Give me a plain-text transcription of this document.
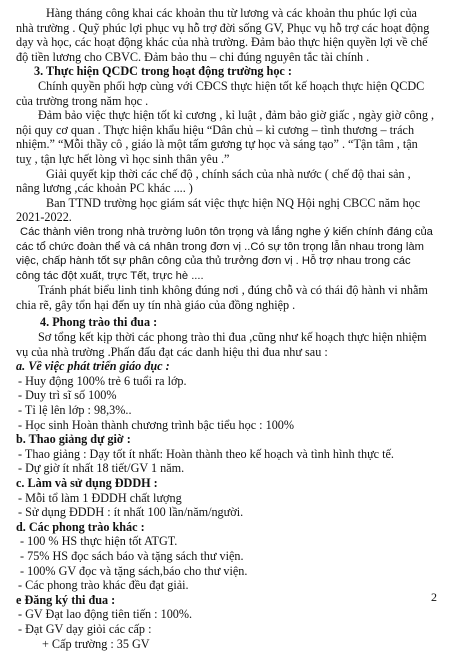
Hàng tháng công khai các khoản thu từ lương và các khoản thu phúc lợi của nhà trường . Quỹ phúc lợi phục vụ hỗ trợ đời sống GV, Phục vụ hỗ trợ các hoạt động dạy và học, các hoạt động khác của nhà trường. Đảm bảo thực hiện quyền lợi về chế độ tiền lương cho CBVC. Đảm bảo thu – chi đúng nguyên tắc tài chính .

3. Thực hiện QCDC trong hoạt động trường học :

Chính quyền phối hợp cùng với CĐCS thực hiện tốt kế hoạch thực hiện QCDC của trường trong năm học .

Đảm bảo việc thực hiện tốt kỉ cương , kỉ luật , đảm bảo giờ giấc , ngày giờ công , nội quy cơ quan . Thực hiện khẩu hiệu “Dân chủ – kỉ cương – tình thương – trách nhiệm.” “Mỗi thầy cô , giáo là một tấm gương tự học và sáng tạo” . “Tận tâm , tận tuỵ , tận lực hết lòng vì học sinh thân yêu .”

Giải quyết kịp thời các chế độ , chính sách của nhà nước ( chế độ thai sản , nâng lương ,các khoản PC khác .... )

Ban TTND trường học giám sát việc thực hiện NQ Hội nghị CBCC năm học 2021-2022.

Các thành viên trong nhà trường luôn tôn trọng và lắng nghe ý kiến chính đáng của các tổ chức đoàn thể và cá nhân trong đơn vị ..Có sự tôn trọng lẫn nhau trong làm việc, chấp hành tốt sự phân công của thủ trưởng đơn vị . Hỗ trợ nhau trong các công tác đột xuất, trực Tết, trực hè ....

Tránh phát biểu linh tinh không đúng nơi , đúng chỗ và có thái độ hành vi nhằm chia rẽ, gây tổn hại đến uy tín nhà giáo của đồng nghiệp .

4. Phong trào thi đua :

Sơ tổng kết kịp thời các phong trào thi đua ,cũng như kế hoạch thực hiện nhiệm vụ của nhà trường .Phấn đấu đạt các danh hiệu thi đua như sau :

a. Về việc phát triển giáo dục :

- Huy động 100% trẻ 6 tuổi ra lớp.

- Duy trì sĩ số 100%

- Tỉ lệ lên lớp : 98,3%..

- Học sinh Hoàn thành chương trình bậc tiểu học : 100%

b. Thao giảng dự giờ :

- Thao giảng : Dạy tốt ít nhất: Hoàn thành theo kế hoạch và tình hình thực tế.

- Dự giờ ít nhất 18 tiết/GV 1 năm.

c. Làm và sử dụng ĐDDH :

- Mỗi tổ làm 1 ĐDDH chất lượng

- Sử dụng ĐDDH : ít nhất 100 lần/năm/người.

d. Các phong trào khác :

- 100 % HS thực hiện tốt ATGT.

- 75% HS đọc sách báo và tặng sách thư viện.

- 100% GV đọc và tặng sách,báo cho thư viện.

- Các phong trào khác đều đạt giải.

e Đăng ký thi đua :

- GV Đạt lao động tiên tiến : 100%.

- Đạt GV dạy giỏi các cấp :

+ Cấp trường : 35 GV

2
